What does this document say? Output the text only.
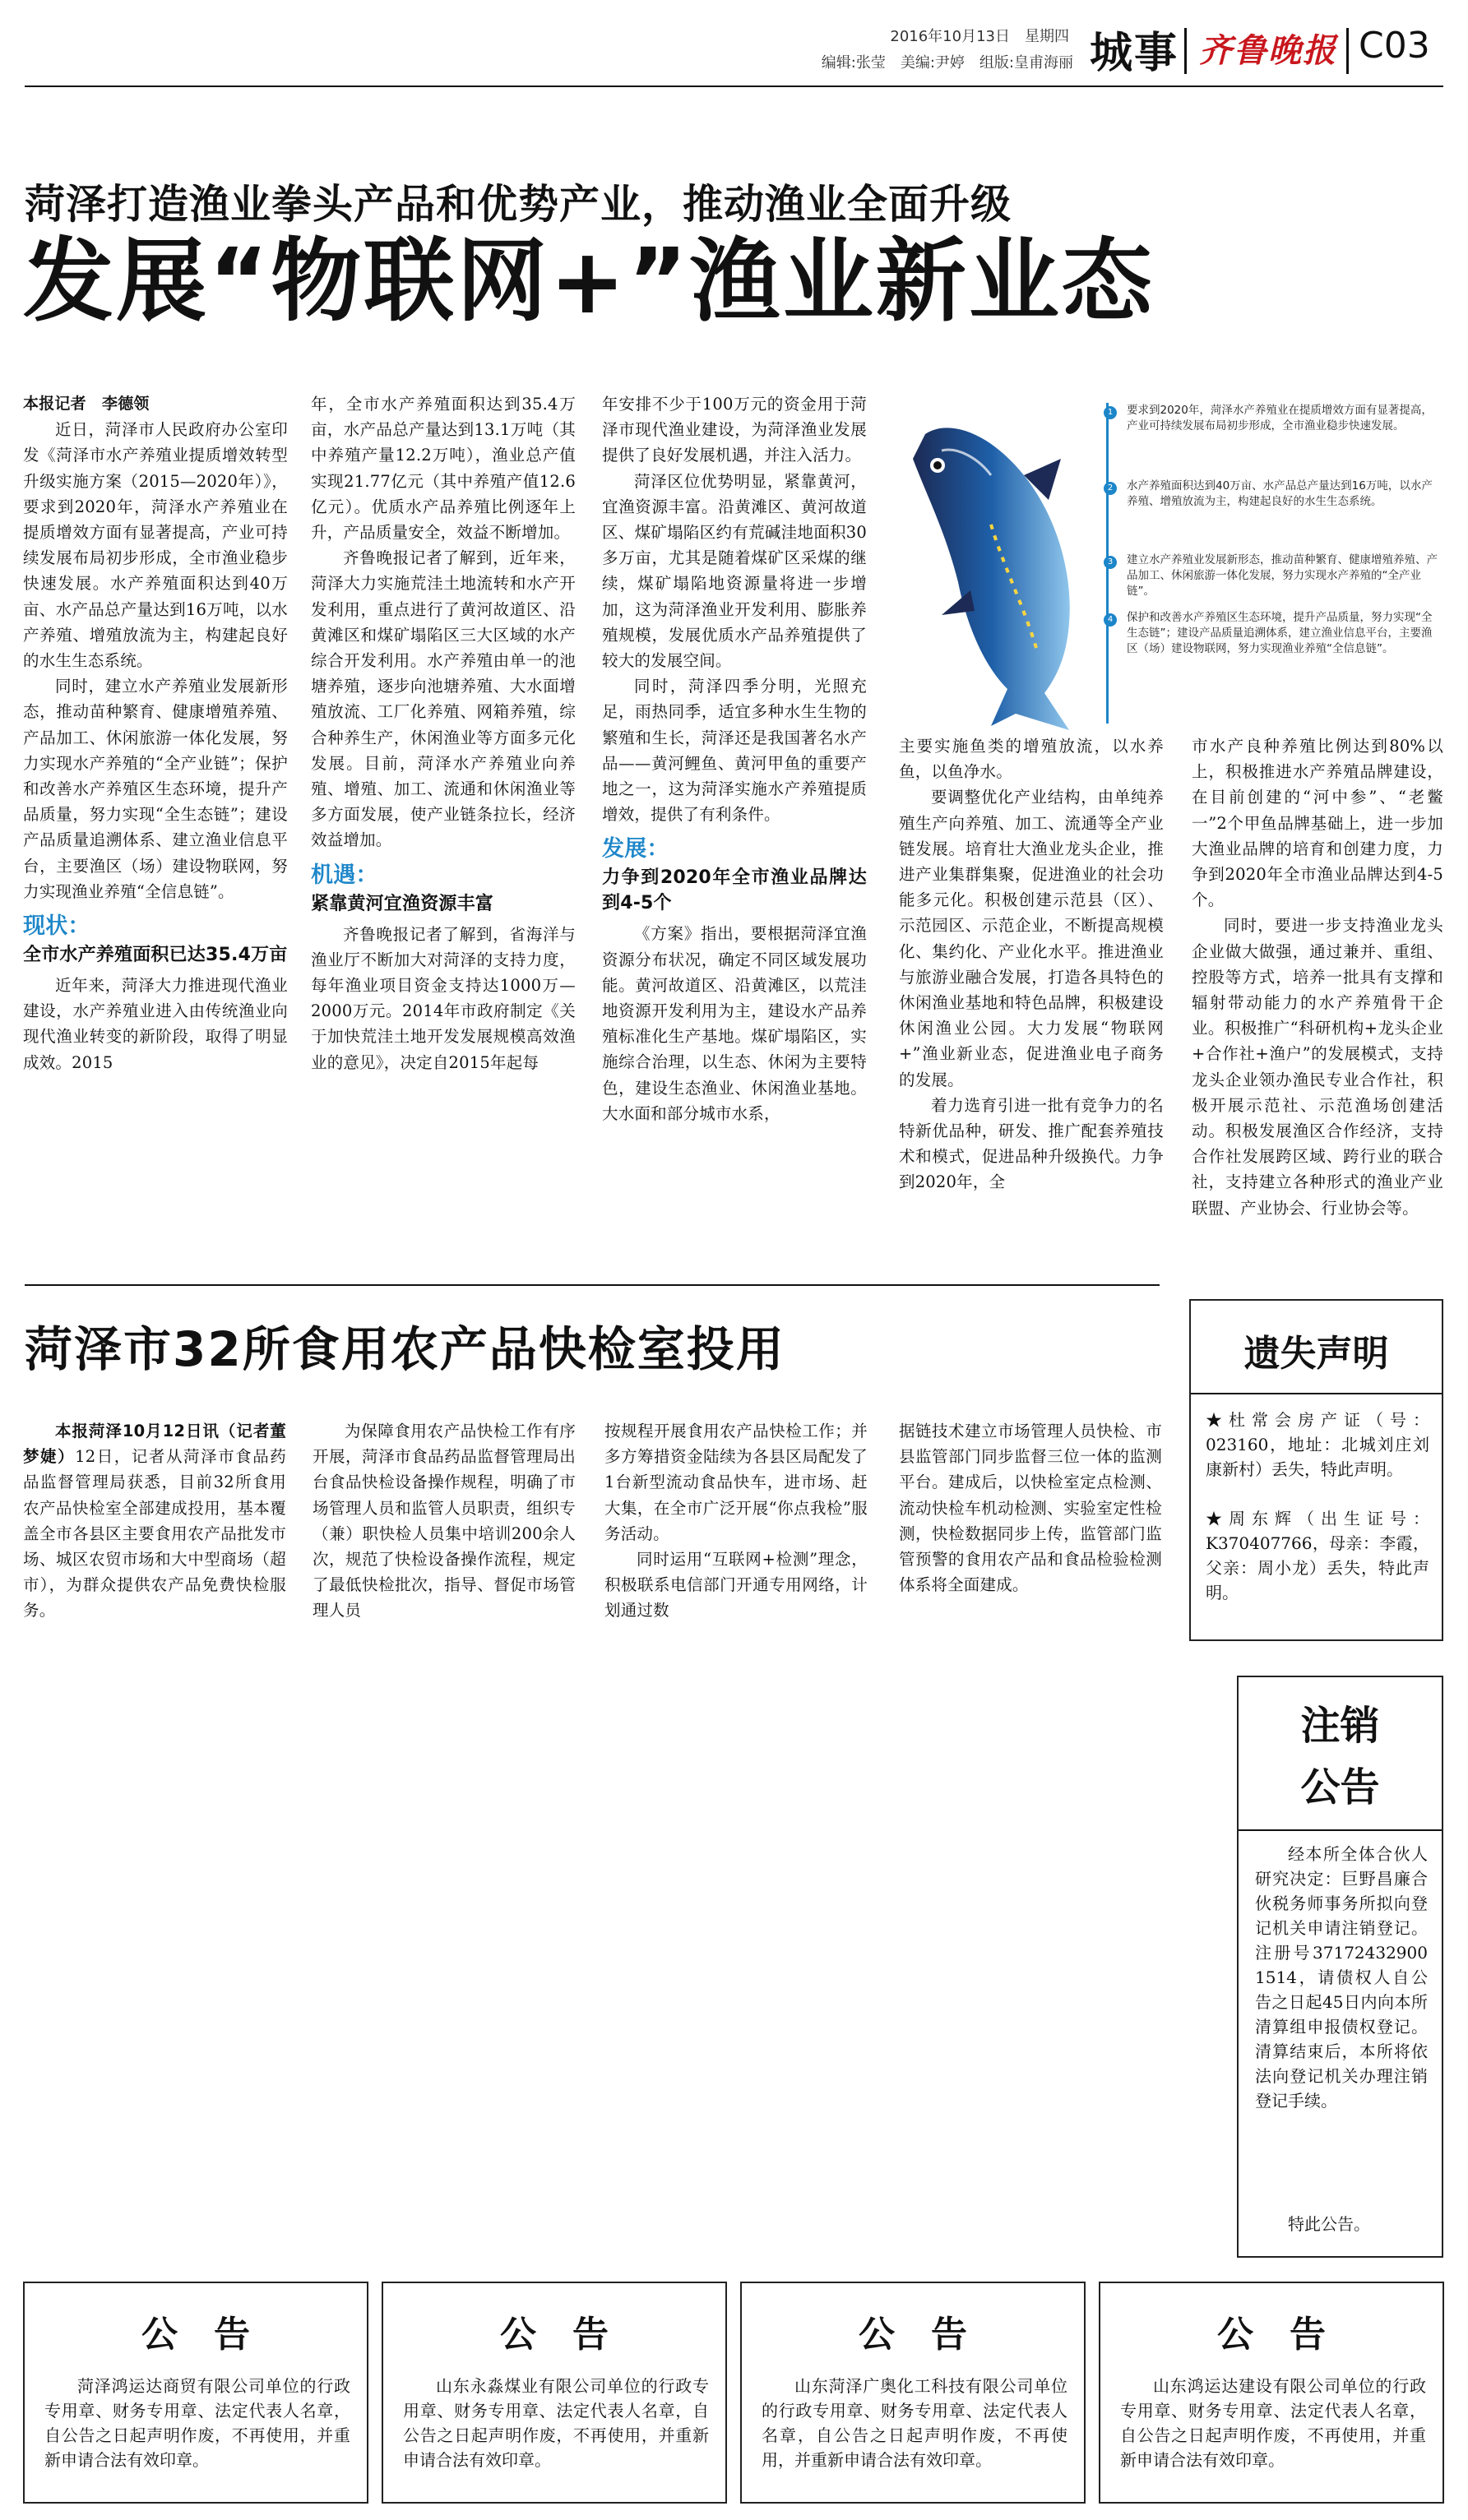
2016年10月13日　星期四
编辑:张莹　美编:尹婷　组版:皇甫海丽 城事 齐鲁晚报 C03
菏泽打造渔业拳头产品和优势产业，推动渔业全面升级
发展“物联网+”渔业新业态

本报记者　李德领

近日，菏泽市人民政府办公室印发《菏泽市水产养殖业提质增效转型升级实施方案（2015—2020年）》，要求到2020年，菏泽水产养殖业在提质增效方面有显著提高，产业可持续发展布局初步形成，全市渔业稳步快速发展。水产养殖面积达到40万亩、水产品总产量达到16万吨，以水产养殖、增殖放流为主，构建起良好的水生生态系统。

同时，建立水产养殖业发展新形态，推动苗种繁育、健康增殖养殖、产品加工、休闲旅游一体化发展，努力实现水产养殖的“全产业链”；保护和改善水产养殖区生态环境，提升产品质量，努力实现“全生态链”；建设产品质量追溯体系、建立渔业信息平台，主要渔区（场）建设物联网，努力实现渔业养殖“全信息链”。

现状：
全市水产养殖面积已达35.4万亩

近年来，菏泽大力推进现代渔业建设，水产养殖业进入由传统渔业向现代渔业转变的新阶段，取得了明显成效。2015

年，全市水产养殖面积达到35.4万亩，水产品总产量达到13.1万吨（其中养殖产量12.2万吨），渔业总产值实现21.77亿元（其中养殖产值12.6亿元）。优质水产品养殖比例逐年上升，产品质量安全，效益不断增加。

齐鲁晚报记者了解到，近年来，菏泽大力实施荒洼土地流转和水产开发利用，重点进行了黄河故道区、沿黄滩区和煤矿塌陷区三大区域的水产综合开发利用。水产养殖由单一的池塘养殖，逐步向池塘养殖、大水面增殖放流、工厂化养殖、网箱养殖，综合种养生产，休闲渔业等方面多元化发展。目前，菏泽水产养殖业向养殖、增殖、加工、流通和休闲渔业等多方面发展，使产业链条拉长，经济效益增加。

机遇：
紧靠黄河宜渔资源丰富

齐鲁晚报记者了解到，省海洋与渔业厅不断加大对菏泽的支持力度，每年渔业项目资金支持达1000万—2000万元。2014年市政府制定《关于加快荒洼土地开发发展规模高效渔业的意见》，决定自2015年起每

年安排不少于100万元的资金用于菏泽市现代渔业建设，为菏泽渔业发展提供了良好发展机遇，并注入活力。

菏泽区位优势明显，紧靠黄河，宜渔资源丰富。沿黄滩区、黄河故道区、煤矿塌陷区约有荒碱洼地面积30多万亩，尤其是随着煤矿区采煤的继续，煤矿塌陷地资源量将进一步增加，这为菏泽渔业开发利用、膨胀养殖规模，发展优质水产品养殖提供了较大的发展空间。

同时，菏泽四季分明，光照充足，雨热同季，适宜多种水生生物的繁殖和生长，菏泽还是我国著名水产品——黄河鲤鱼、黄河甲鱼的重要产地之一，这为菏泽实施水产养殖提质增效，提供了有利条件。

发展：
力争到2020年全市渔业品牌达到4-5个

《方案》指出，要根据菏泽宜渔资源分布状况，确定不同区域发展功能。黄河故道区、沿黄滩区，以荒洼地资源开发利用为主，建设水产品养殖标准化生产基地。煤矿塌陷区，实施综合治理，以生态、休闲为主要特色，建设生态渔业、休闲渔业基地。大水面和部分城市水系，

1	要求到2020年，菏泽水产养殖业在提质增效方面有显著提高，产业可持续发展布局初步形成，全市渔业稳步快速发展。
2	水产养殖面积达到40万亩、水产品总产量达到16万吨，以水产养殖、增殖放流为主，构建起良好的水生生态系统。
3	建立水产养殖业发展新形态，推动苗种繁育、健康增殖养殖、产品加工、休闲旅游一体化发展，努力实现水产养殖的“全产业链”。
4	保护和改善水产养殖区生态环境，提升产品质量，努力实现“全生态链”；建设产品质量追溯体系，建立渔业信息平台，主要渔区（场）建设物联网，努力实现渔业养殖“全信息链”。

主要实施鱼类的增殖放流，以水养鱼，以鱼净水。

要调整优化产业结构，由单纯养殖生产向养殖、加工、流通等全产业链发展。培育壮大渔业龙头企业，推进产业集群集聚，促进渔业的社会功能多元化。积极创建示范县（区）、示范园区、示范企业，不断提高规模化、集约化、产业化水平。推进渔业与旅游业融合发展，打造各具特色的休闲渔业基地和特色品牌，积极建设休闲渔业公园。大力发展“物联网+”渔业新业态，促进渔业电子商务的发展。

着力选育引进一批有竞争力的名特新优品种，研发、推广配套养殖技术和模式，促进品种升级换代。力争到2020年，全

市水产良种养殖比例达到80%以上，积极推进水产养殖品牌建设，在目前创建的“河中参”、“老鳖一”2个甲鱼品牌基础上，进一步加大渔业品牌的培育和创建力度，力争到2020年全市渔业品牌达到4-5个。

同时，要进一步支持渔业龙头企业做大做强，通过兼并、重组、控股等方式，培养一批具有支撑和辐射带动能力的水产养殖骨干企业。积极推广“科研机构+龙头企业+合作社+渔户”的发展模式，支持龙头企业领办渔民专业合作社，积极开展示范社、示范渔场创建活动。积极发展渔区合作经济，支持合作社发展跨区域、跨行业的联合社，支持建立各种形式的渔业产业联盟、产业协会、行业协会等。

菏泽市32所食用农产品快检室投用

本报菏泽10月12日讯（记者董梦婕）12日，记者从菏泽市食品药品监督管理局获悉，目前32所食用农产品快检室全部建成投用，基本覆盖全市各县区主要食用农产品批发市场、城区农贸市场和大中型商场（超市），为群众提供农产品免费快检服务。

为保障食用农产品快检工作有序开展，菏泽市食品药品监督管理局出台食品快检设备操作规程，明确了市场管理人员和监管人员职责，组织专（兼）职快检人员集中培训200余人次，规范了快检设备操作流程，规定了最低快检批次，指导、督促市场管理人员

按规程开展食用农产品快检工作；并多方筹措资金陆续为各县区局配发了1台新型流动食品快车，进市场、赶大集，在全市广泛开展“你点我检”服务活动。

同时运用“互联网+检测”理念，积极联系电信部门开通专用网络，计划通过数

据链技术建立市场管理人员快检、市县监管部门同步监督三位一体的监测平台。建成后，以快检室定点检测、流动快检车机动检测、实验室定性检测，快检数据同步上传，监管部门监管预警的食用农产品和食品检验检测体系将全面建成。

遗失声明
★杜常会房产证（号：023160，地址：北城刘庄刘康新村）丢失，特此声明。
★周东辉（出生证号：K370407766，母亲：李霞，父亲：周小龙）丢失，特此声明。
注销
公告
经本所全体合伙人研究决定：巨野昌廉合伙税务师事务所拟向登记机关申请注销登记。注册号371724329001514，请债权人自公告之日起45日内向本所清算组申报债权登记。清算结束后，本所将依法向登记机关办理注销登记手续。
特此公告。
公　告
菏泽鸿运达商贸有限公司单位的行政专用章、财务专用章、法定代表人名章，自公告之日起声明作废，不再使用，并重新申请合法有效印章。
公　告
山东永淼煤业有限公司单位的行政专用章、财务专用章、法定代表人名章，自公告之日起声明作废，不再使用，并重新申请合法有效印章。
公　告
山东菏泽广奥化工科技有限公司单位的行政专用章、财务专用章、法定代表人名章，自公告之日起声明作废，不再使用，并重新申请合法有效印章。
公　告
山东鸿运达建设有限公司单位的行政专用章、财务专用章、法定代表人名章，自公告之日起声明作废，不再使用，并重新申请合法有效印章。
